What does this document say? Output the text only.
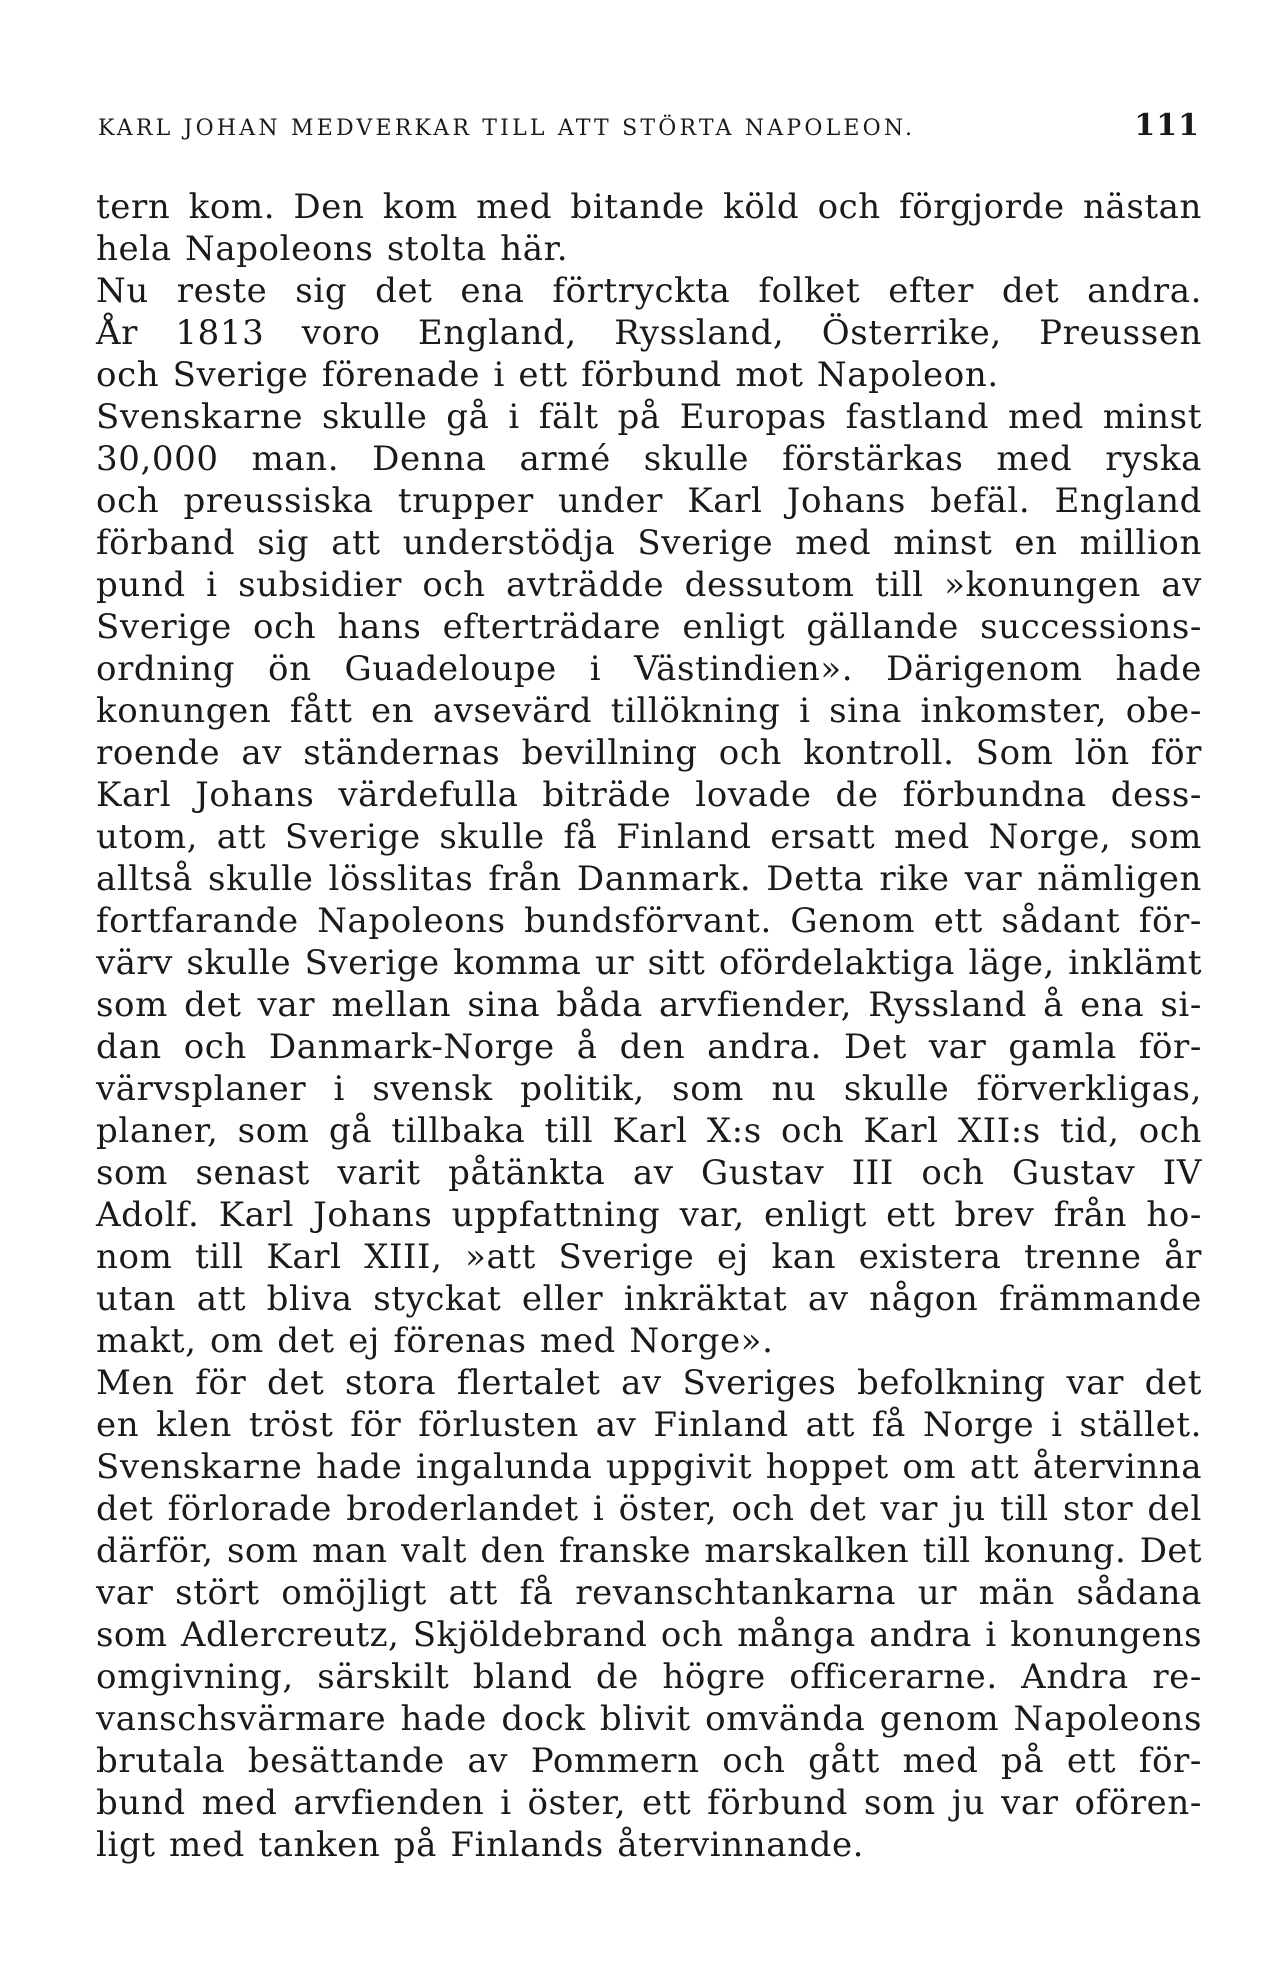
KARL JOHAN MEDVERKAR TILL ATT STÖRTA NAPOLEON.	111
tern kom. Den kom med bitande köld och förgjorde nästan
hela Napoleons stolta här.
Nu reste sig det ena förtryckta folket efter det andra.
År 1813 voro England, Ryssland, Österrike, Preussen
och Sverige förenade i ett förbund mot Napoleon.
Svenskarne skulle gå i fält på Europas fastland med minst
30,000 man. Denna armé skulle förstärkas med ryska
och preussiska trupper under Karl Johans befäl. England
förband sig att understödja Sverige med minst en million
pund i subsidier och avträdde dessutom till »konungen av
Sverige och hans efterträdare enligt gällande successions-
ordning ön Guadeloupe i Västindien». Därigenom hade
konungen fått en avsevärd tillökning i sina inkomster, obe-
roende av ständernas bevillning och kontroll. Som lön för
Karl Johans värdefulla biträde lovade de förbundna dess-
utom, att Sverige skulle få Finland ersatt med Norge, som
alltså skulle lösslitas från Danmark. Detta rike var nämligen
fortfarande Napoleons bundsförvant. Genom ett sådant för-
värv skulle Sverige komma ur sitt ofördelaktiga läge, inklämt
som det var mellan sina båda arvfiender, Ryssland å ena si-
dan och Danmark-Norge å den andra. Det var gamla för-
värvsplaner i svensk politik, som nu skulle förverkligas,
planer, som gå tillbaka till Karl X:s och Karl XII:s tid, och
som senast varit påtänkta av Gustav III och Gustav IV
Adolf. Karl Johans uppfattning var, enligt ett brev från ho-
nom till Karl XIII, »att Sverige ej kan existera trenne år
utan att bliva styckat eller inkräktat av någon främmande
makt, om det ej förenas med Norge».
Men för det stora flertalet av Sveriges befolkning var det
en klen tröst för förlusten av Finland att få Norge i stället.
Svenskarne hade ingalunda uppgivit hoppet om att återvinna
det förlorade broderlandet i öster, och det var ju till stor del
därför, som man valt den franske marskalken till konung. Det
var stört omöjligt att få revanschtankarna ur män sådana
som Adlercreutz, Skjöldebrand och många andra i konungens
omgivning, särskilt bland de högre officerarne. Andra re-
vanschsvärmare hade dock blivit omvända genom Napoleons
brutala besättande av Pommern och gått med på ett för-
bund med arvfienden i öster, ett förbund som ju var ofören-
ligt med tanken på Finlands återvinnande.
